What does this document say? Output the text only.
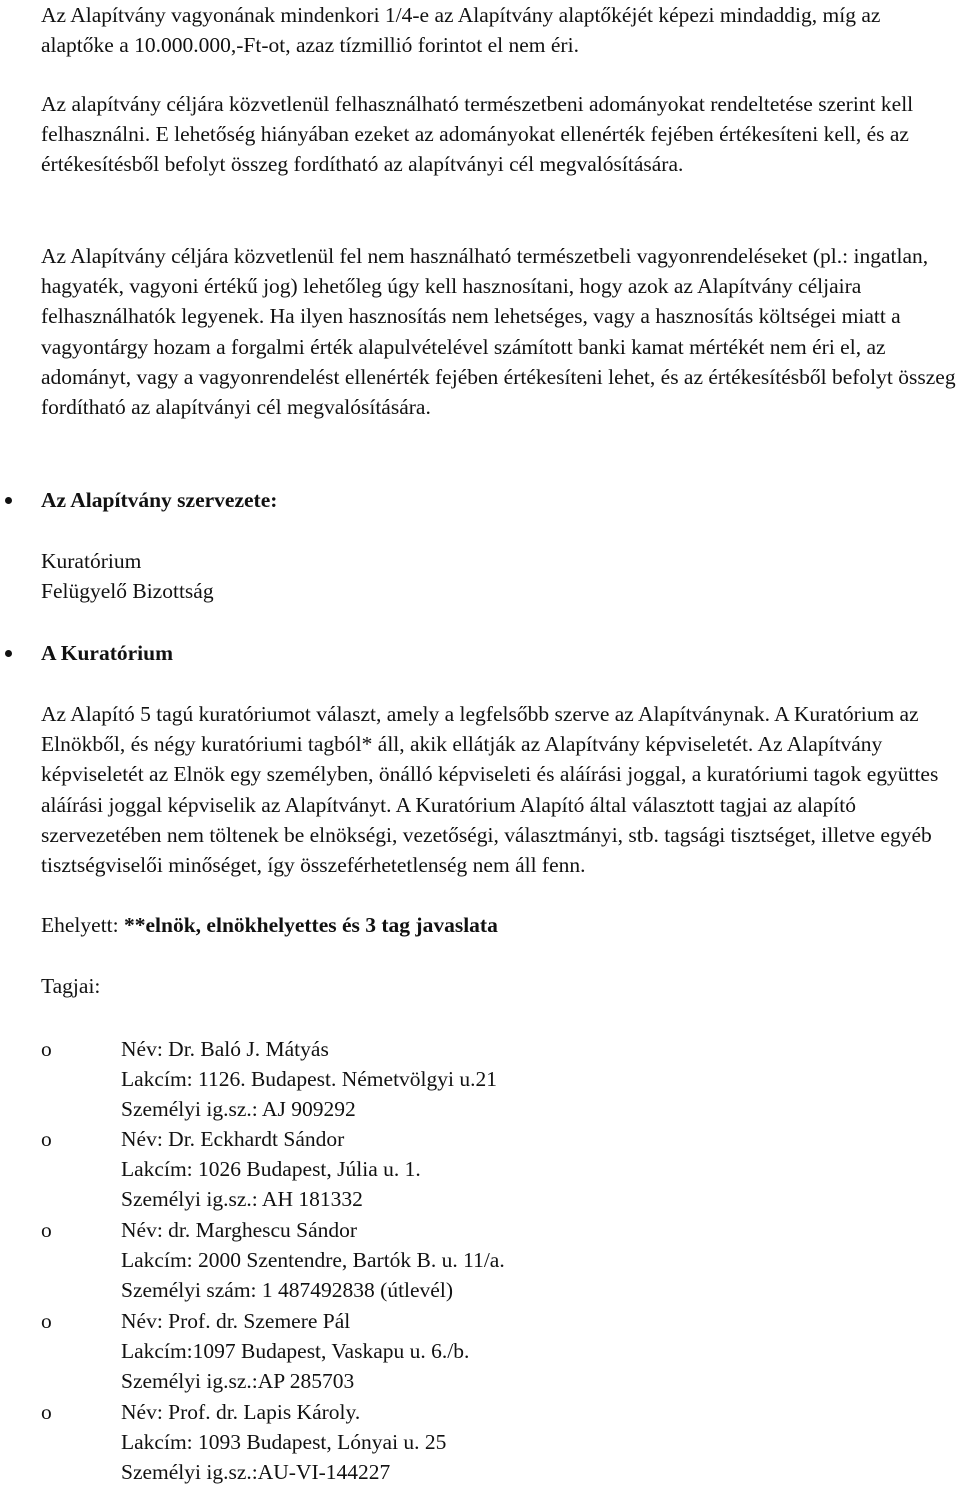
Az Alapítvány vagyonának mindenkori 1/4-e az Alapítvány alaptőkéjét képezi mindaddig, míg az alaptőke a 10.000.000,-Ft-ot, azaz tízmillió forintot el nem éri.

Az alapítvány céljára közvetlenül felhasználható természetbeni adományokat rendeltetése szerint kell felhasználni. E lehetőség hiányában ezeket az adományokat ellenérték fejében értékesíteni kell, és az értékesítésből befolyt összeg fordítható az alapítványi cél megvalósítására.

Az Alapítvány céljára közvetlenül fel nem használható természetbeli vagyonrendeléseket (pl.: ingatlan, hagyaték, vagyoni értékű jog) lehetőleg úgy kell hasznosítani, hogy azok az Alapítvány céljaira felhasználhatók legyenek. Ha ilyen hasznosítás nem lehetséges, vagy a hasznosítás költségei miatt a vagyontárgy hozam a forgalmi érték alapulvételével számított banki kamat mértékét nem éri el, az adományt, vagy a vagyonrendelést ellenérték fejében értékesíteni lehet, és az értékesítésből befolyt összeg fordítható az alapítványi cél megvalósítására.

Az Alapítvány szervezete:

Kuratórium

Felügyelő Bizottság

A Kuratórium

Az Alapító 5 tagú kuratóriumot választ, amely a legfelsőbb szerve az Alapítványnak. A Kuratórium az Elnökből, és négy kuratóriumi tagból* áll, akik ellátják az Alapítvány képviseletét. Az Alapítvány képviseletét az Elnök egy személyben, önálló képviseleti és aláírási joggal, a kuratóriumi tagok együttes aláírási joggal képviselik az Alapítványt. A Kuratórium Alapító által választott tagjai az alapító szervezetében nem töltenek be elnökségi, vezetőségi, választmányi, stb. tagsági tisztséget, illetve egyéb tisztségviselői minőséget, így összeférhetetlenség nem áll fenn.

Ehelyett: **elnök, elnökhelyettes és 3 tag javaslata

Tagjai:

o	Név: Dr. Baló J. Mátyás

Lakcím: 1126. Budapest. Németvölgyi u.21

Személyi ig.sz.: AJ 909292

o	Név: Dr. Eckhardt Sándor

Lakcím: 1026 Budapest, Júlia u. 1.

Személyi ig.sz.: AH 181332

o	Név: dr. Marghescu Sándor

Lakcím: 2000 Szentendre, Bartók B. u. 11/a.

Személyi szám: 1 487492838 (útlevél)

o	Név: Prof. dr. Szemere Pál

Lakcím:1097 Budapest, Vaskapu u. 6./b.

Személyi ig.sz.:AP 285703

o	Név: Prof. dr. Lapis Károly.

Lakcím: 1093 Budapest, Lónyai u. 25

Személyi ig.sz.:AU-VI-144227
